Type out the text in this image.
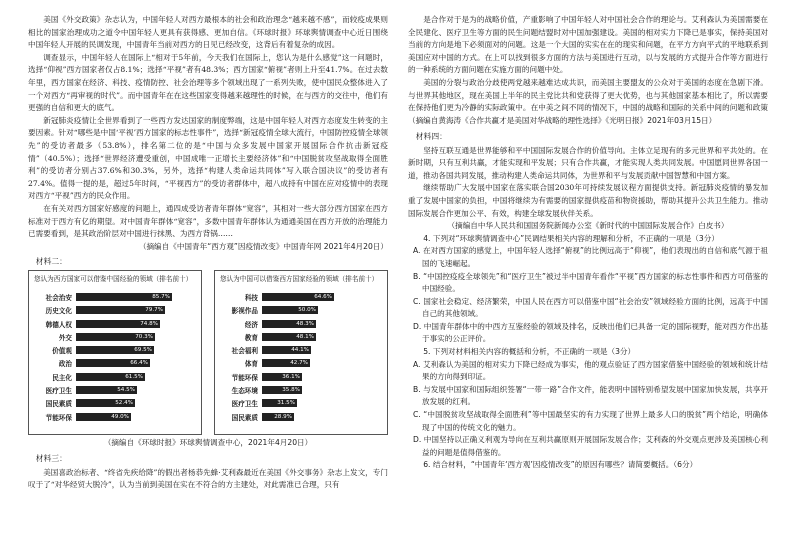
美国《外交政策》杂志认为，中国年轻人对西方最根本的社会和政治理念“越来越不感”，而较疫成果则相比的国家治理成功之道令中国年轻人更具有获得感、更加自信。《环球时报》环球舆情调查中心近日围绕中国年轻人开展的民调发现，中国青年当前对西方的日见已经改变，这背后有着复杂的成因。

调查显示，中国年轻人在国际上“相对于5年前，今天我们在国际上，您认为是什么感觉”这一问题时，选择“仰视”西方国家者仅占8.1%；选择“平视”者有48.3%；西方国家“俯视”者则上升至41.7%。在过去数年里，西方国家在经济、科技、疫情防控、社会治理等多个领域出现了一系列失败，使中国民众整体进入了一个对西方“再审视的时代”。而中国青年在在这些国家变得越来越理性的时候，在与西方的交往中，他们有更强的自信和更大的底气。

新冠肺炎疫情让全世界看到了一些西方发达国家的制度弊端，这是中国年轻人对西方态度发生转变的主要因素。针对“哪些是中国‘平视’西方国家的标志性事件”，选择“新冠疫情全球大流行，中国防控疫情全球领先”的受访者最多（53.8%），排名第二位的是“中国与众多发展中国家开展国际合作抗击新冠疫情”（40.5%）；选择“世界经济遭受重创，中国成唯一正增长主要经济体”和“中国脱贫攻坚战取得全面胜利”的受访者分别占37.6%和30.3%，另外，选择“构建人类命运共同体”写入联合国决议”的受访者有27.4%。值得一提的是，超过5年时间，“平视西方”的受访者群体中，超八成持有中国在应对疫情中的表现对西方“平视”西方的民众作用。

在有关对西方国家好感度的问题上，通四成受访者青年群体“宽容”，其相对一些大部分西方国家在西方标准对于西方有亿的期望。对中国青年群体“宽容”，多数中国青年群体认为通通美国在西方开放的治理能力已需要看到，是其政治阶层对中国进行抹黑、为西方背锅……

（摘编自《中国青年“西方观”因疫情改变》中国青年网 2021年4月20日）

材料二：

您认为西方国家可以借鉴中国经验的领域（排名前十）
社会治安	85.7%
历史文化	79.7%
韩德人权	74.8%
外交	70.3%
价值观	69.5%
政治	66.4%
民主化	61.5%
医疗卫生	54.5%
国民素质	52.4%
节能环保	49.0%
您认为中国可以借鉴西方国家经验的领域（排名前十）
科技	64.6%
影视作品	50.0%
经济	48.3%
教育	48.1%
社会福利	44.1%
体育	42.7%
节能环保	36.1%
生态环境	35.8%
医疗卫生	31.5%
国民素质	28.9%

（摘编自《环球时报》环球舆情调查中心，2021年4月20日）

材料三：

美国喜政治标者、“终省先疾给降”的假出者杨恭先蜂·艾利森最近在美国《外交事务》杂志上发文，专门叹于了“对华经贸大脱冷”，认为当前到美国在实在不符合的方主建处，对此需准已合理，只有

是合作对于是为的战略价值，产重影响了中国年轻人对中国社会合作的理论与。艾利森认为美国需要在全民建化、医疗卫生等方面的民生问题结盟时对中国加强建设。美国的相对实力下降已是事实，保持美国对当前的方向是地下必须面对的问题。这是一个大国的实实在在的现实和问题，在平方方向平式的平地联系到美国应对中国的方式。在上可以找到很多方面的方法与美国进行互动，以与发展的方式提升合作等方面进行的一种系统的方面问题在实施方面的问题中处。

美国的分裂与政治分歧使两党越来越难达成共识，而美国主要盟友的公众对于美国的态度在急剧下滑。与世界其他地区，现在美国上半年的民主党比共和党获得了更大优势，也与其他国家基本相比了，所以需要在保持他们更为冷静的实际政策中。在中美之间不同的情况下，中国的战略和国际的关系中间的问题和政策

（摘编自黄海涛《合作共赢才是美国对华战略的理性选择》《光明日报》2021年03月15日）

材料四：

坚持互联互通是世界能够和平中国国际发展合作的价值导向。主体立足现有的多元世界和平共处的。在新时期，只有互利共赢，才能实现和平发展；只有合作共赢，才能实现人类共同发展。中国愿同世界各国一道，推动各国共同发展，推动构建人类命运共同体，为世界和平与发展贡献中国智慧和中国方案。

继续帮助广大发展中国家在落实联合国2030年可持续发展议程方面提供支持。新冠肺炎疫情的暴发加重了发展中国家的负担，中国将继续为有需要的国家提供疫苗和物资援助，帮助其提升公共卫生能力。推动国际发展合作更加公平、有效，构建全球发展伙伴关系。

（摘编自中华人民共和国国务院新闻办公室《新时代的中国国际发展合作》白皮书）

4. 下列对“环球舆情调查中心”民调结果相关内容的理解和分析，不正确的一项是（3分）

A. 在对西方国家的感觉上，中国年轻人选择“俯视”的比例远高于“仰视”，他们表现出的自信和底气源于祖国的飞速崛起。

B. “中国控疫疫全球领先”和“医疗卫生”被过半中国青年看作“平视”西方国家的标志性事件和西方可借鉴的中国经验。

C. 国家社会稳定、经济繁荣，中国人民在西方可以借鉴中国“社会治安”领域经验方面的比例，远高于中国自己的其他领域。

D. 中国青年群体中的中西方互鉴经验的领域及排名，反映出他们已具备一定的国际视野，能对西方作出基于事实的公正评价。

5. 下列对材料相关内容的概括和分析，不正确的一项是（3分）

A. 艾利森认为美国的相对实力下降已经成为事实，他的观点验证了西方国家借鉴中国经验的领域和统计结果的方向得到印证。

B. 与发展中国家和国际组织签署“一带一路”合作文件，能表明中国特别希望发展中国家加快发展，共享开放发展的红利。

C. “中国脱贫攻坚战取得全面胜利”等中国最坚实的有力实现了世界上最多人口的脱贫”两个结论，明确体现了中国的传统文化的魅力。

D. 中国坚持以正确义利观为导向在互利共赢原则开展国际发展合作；艾利森的外交观点更涉及美国核心利益的问题是值得借鉴的。

6. 结合材料，“中国青年‘西方观’因疫情改变”的原因有哪些？请简要概括。（6分）
